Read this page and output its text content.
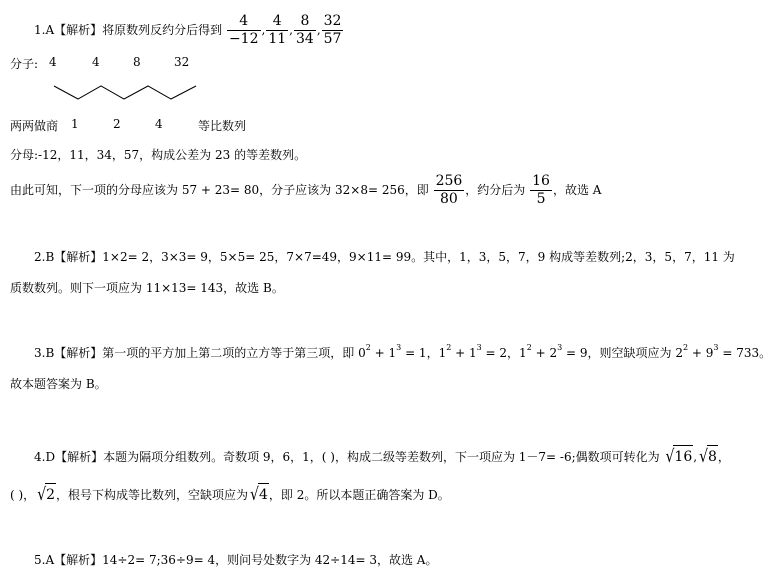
1.A【解析】将原数列反约分后得到 $\frac{4}{-12}$ , $\frac{4}{11}$ , $\frac{8}{34}$ , $\frac{32}{57}$
分子: 4	4	8	32
两两做商 1	2	4	等比数列
分母:-12，11，34，57，构成公差为 23 的等差数列。
由此可知，下一项的分母应该为 57 + 23= 80，分子应该为 32×8= 256，即 $\frac{256}{80}$ ，约分后为 $\frac{16}{5}$ ，故选 A
2.B【解析】1×2= 2，3×3= 9，5×5= 25，7×7=49，9×11= 99。其中，1，3，5，7，9 构成等差数列;2，3，5，7，11 为
质数数列。则下一项应为 11×13= 143，故选 B。
3.B【解析】第一项的平方加上第二项的立方等于第三项，即 $0^2 + 1^3 = 1$，$1^2 + 1^3 = 2$，$1^2 + 2^3 = 9$，则空缺项应为 $2^2 + 9^3 = 733$。
故本题答案为 B。
4.D【解析】本题为隔项分组数列。奇数项 9，6，1，( )，构成二级等差数列，下一项应为 1－7= -6;偶数项可转化为 √16, √8，
( )， √2，根号下构成等比数列，空缺项应为 √4，即 2。所以本题正确答案为 D。
5.A【解析】14÷2= 7;36÷9= 4，则问号处数字为 42÷14= 3，故选 A。
